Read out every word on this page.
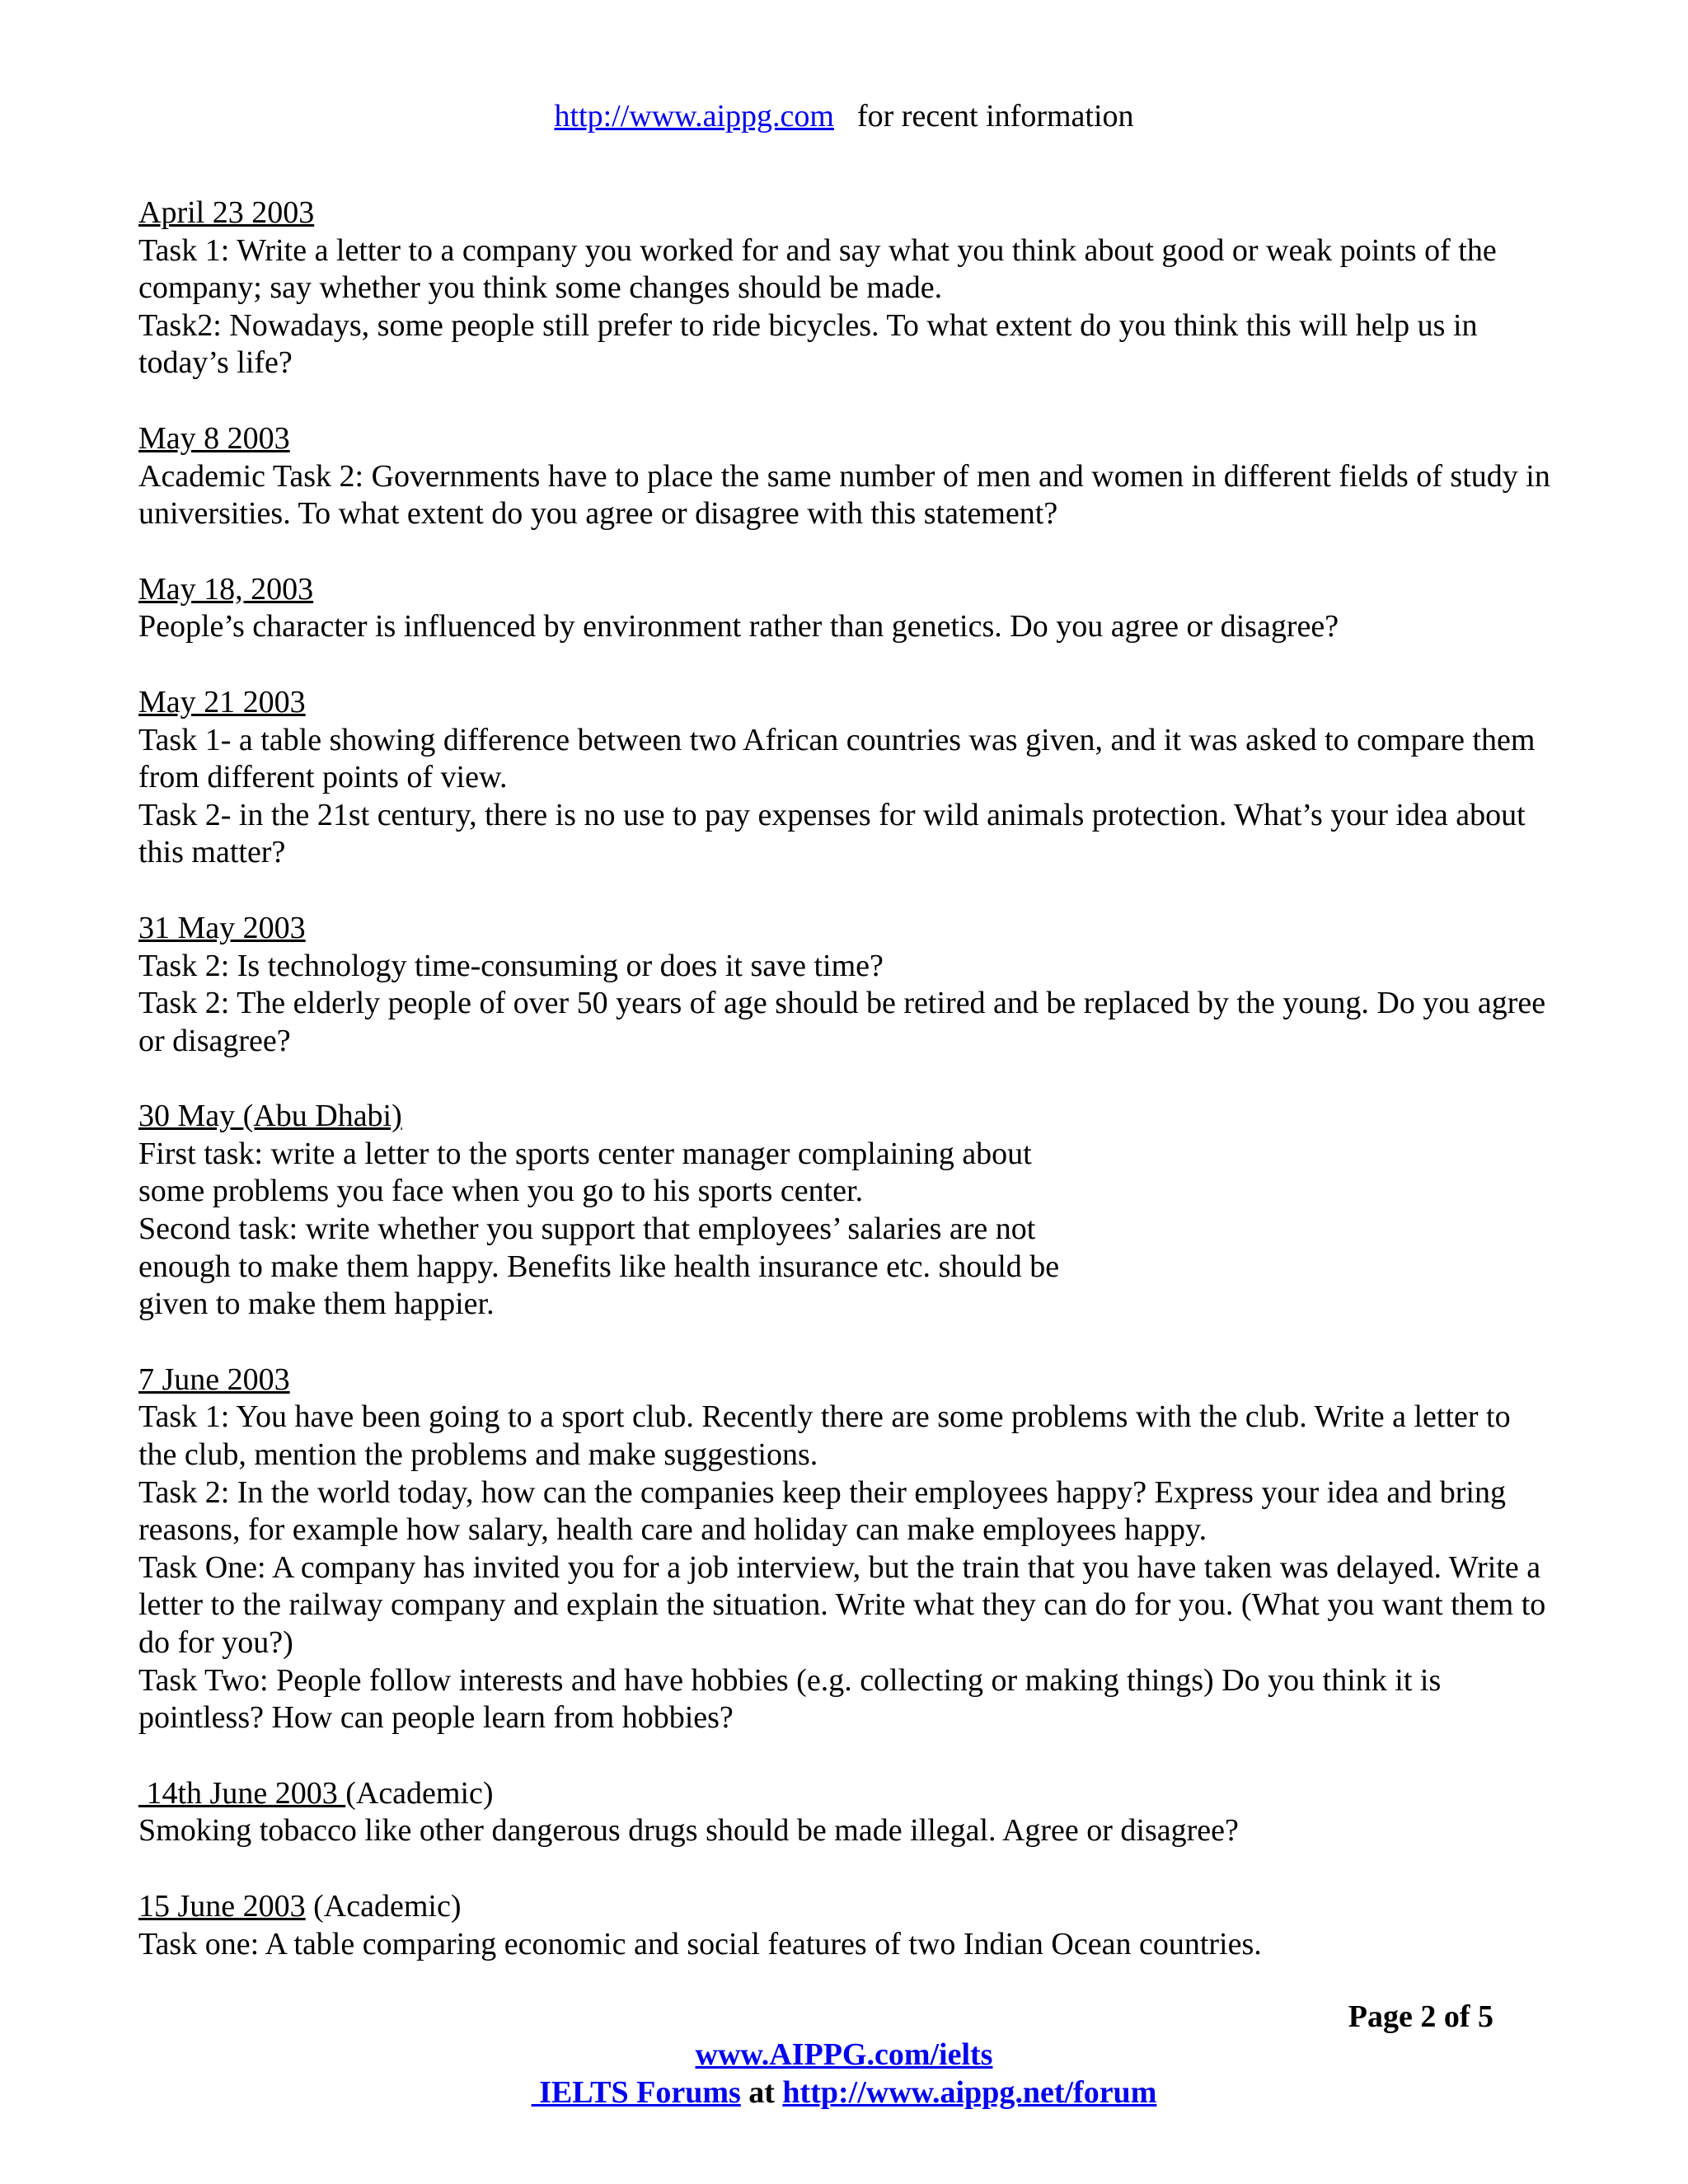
http://www.aippg.com for recent information
April 23 2003
Task 1: Write a letter to a company you worked for and say what you think about good or weak points of the company; say whether you think some changes should be made.
Task2: Nowadays, some people still prefer to ride bicycles. To what extent do you think this will help us in today’s life?
May 8 2003
Academic Task 2: Governments have to place the same number of men and women in different fields of study in universities. To what extent do you agree or disagree with this statement?
May 18, 2003
People’s character is influenced by environment rather than genetics. Do you agree or disagree?
May 21 2003
Task 1- a table showing difference between two African countries was given, and it was asked to compare them from different points of view.
Task 2- in the 21st century, there is no use to pay expenses for wild animals protection. What’s your idea about this matter?
31 May 2003
Task 2: Is technology time-consuming or does it save time?
Task 2: The elderly people of over 50 years of age should be retired and be replaced by the young. Do you agree or disagree?
30 May (Abu Dhabi)
First task: write a letter to the sports center manager complaining about some problems you face when you go to his sports center.
Second task: write whether you support that employees’ salaries are not enough to make them happy. Benefits like health insurance etc. should be given to make them happier.
7 June 2003
Task 1: You have been going to a sport club. Recently there are some problems with the club. Write a letter to the club, mention the problems and make suggestions.
Task 2: In the world today, how can the companies keep their employees happy? Express your idea and bring reasons, for example how salary, health care and holiday can make employees happy.
Task One: A company has invited you for a job interview, but the train that you have taken was delayed. Write a letter to the railway company and explain the situation. Write what they can do for you. (What you want them to do for you?)
Task Two: People follow interests and have hobbies (e.g. collecting or making things) Do you think it is pointless? How can people learn from hobbies?
14th June 2003 (Academic)
Smoking tobacco like other dangerous drugs should be made illegal. Agree or disagree?
15 June 2003 (Academic)
Task one: A table comparing economic and social features of two Indian Ocean countries.
Page 2 of 5
www.AIPPG.com/ielts
IELTS Forums at http://www.aippg.net/forum
